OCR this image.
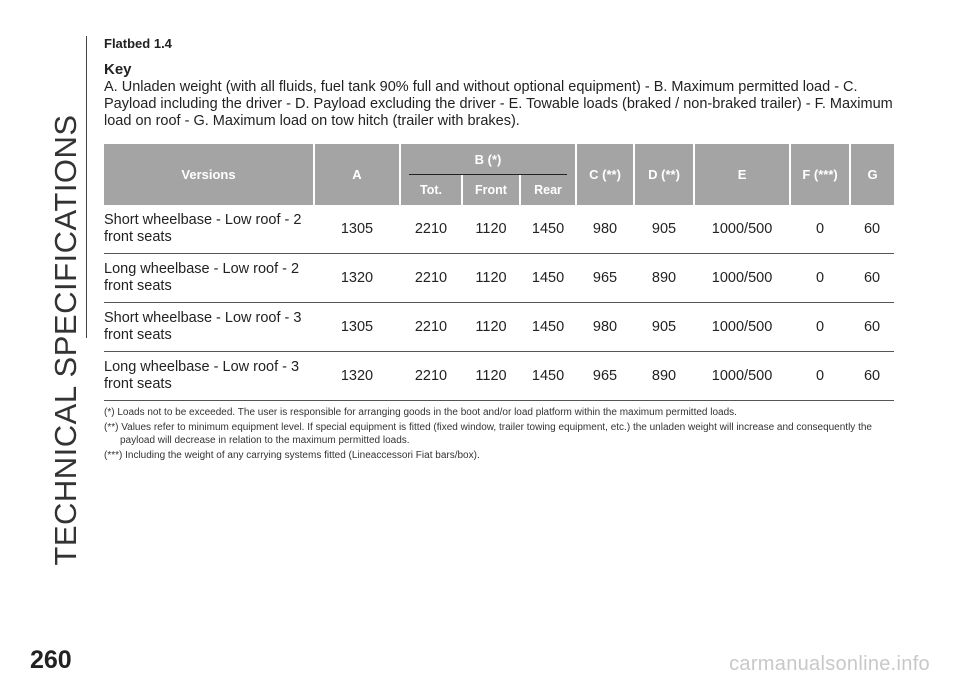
TECHNICAL SPECIFICATIONS

Flatbed 1.4

Key

A. Unladen weight (with all fluids, fuel tank 90% full and without optional equipment) - B. Maximum permitted load - C. Payload including the driver - D. Payload excluding the driver - E. Towable loads (braked / non-braked trailer) - F. Maximum load on roof - G. Maximum load on tow hitch (trailer with brakes).

Versions	A	B (*)			C (**)	D (**)	E	F (***)	G
		Tot.	Front	Rear					
Short wheelbase - Low roof - 2 front seats	1305	2210	1120	1450	980	905	1000/500	0	60
Long wheelbase - Low roof - 2 front seats	1320	2210	1120	1450	965	890	1000/500	0	60
Short wheelbase - Low roof - 3 front seats	1305	2210	1120	1450	980	905	1000/500	0	60
Long wheelbase - Low roof - 3 front seats	1320	2210	1120	1450	965	890	1000/500	0	60

(*) Loads not to be exceeded. The user is responsible for arranging goods in the boot and/or load platform within the maximum permitted loads.

(**) Values refer to minimum equipment level. If special equipment is fitted (fixed window, trailer towing equipment, etc.) the unladen weight will increase and consequently the payload will decrease in relation to the maximum permitted loads.

(***) Including the weight of any carrying systems fitted (Lineaccessori Fiat bars/box).

260	carmanualsonline.info
